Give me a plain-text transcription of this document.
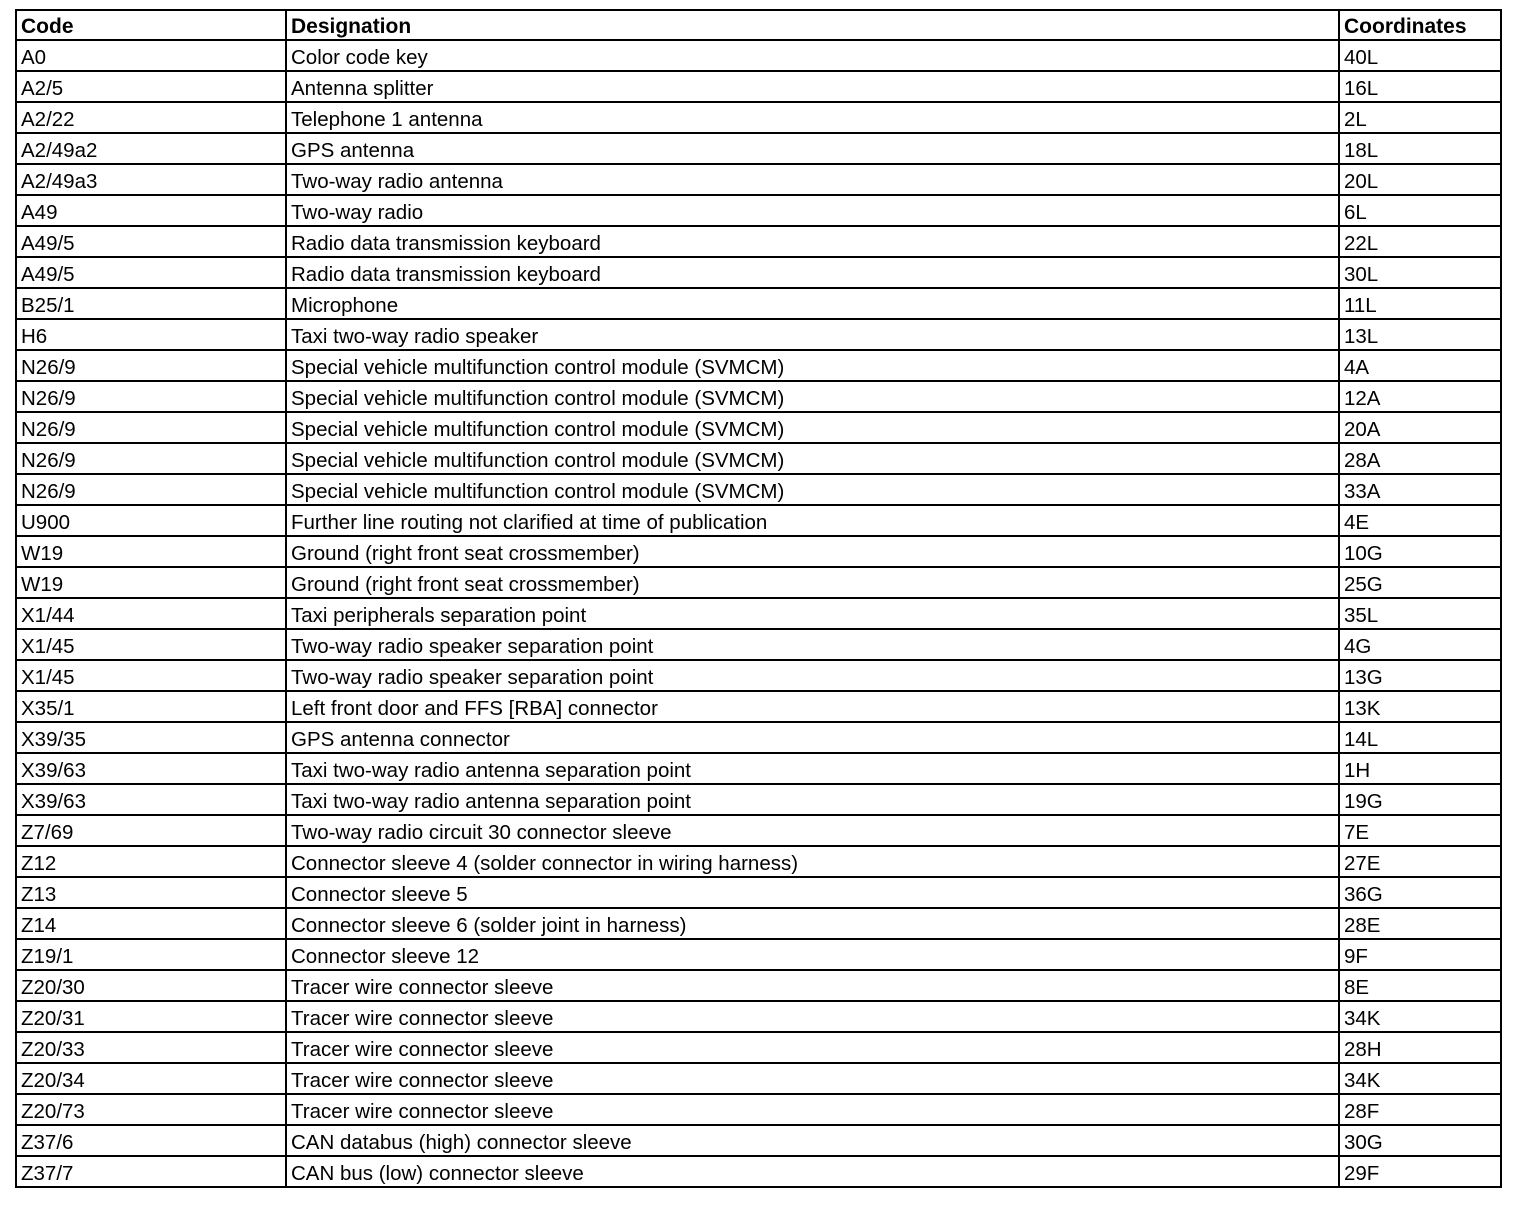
Code	Designation	Coordinates
A0	Color code key	40L
A2/5	Antenna splitter	16L
A2/22	Telephone 1 antenna	2L
A2/49a2	GPS antenna	18L
A2/49a3	Two-way radio antenna	20L
A49	Two-way radio	6L
A49/5	Radio data transmission keyboard	22L
A49/5	Radio data transmission keyboard	30L
B25/1	Microphone	11L
H6	Taxi two-way radio speaker	13L
N26/9	Special vehicle multifunction control module (SVMCM)	4A
N26/9	Special vehicle multifunction control module (SVMCM)	12A
N26/9	Special vehicle multifunction control module (SVMCM)	20A
N26/9	Special vehicle multifunction control module (SVMCM)	28A
N26/9	Special vehicle multifunction control module (SVMCM)	33A
U900	Further line routing not clarified at time of publication	4E
W19	Ground (right front seat crossmember)	10G
W19	Ground (right front seat crossmember)	25G
X1/44	Taxi peripherals separation point	35L
X1/45	Two-way radio speaker separation point	4G
X1/45	Two-way radio speaker separation point	13G
X35/1	Left front door and FFS [RBA] connector	13K
X39/35	GPS antenna connector	14L
X39/63	Taxi two-way radio antenna separation point	1H
X39/63	Taxi two-way radio antenna separation point	19G
Z7/69	Two-way radio circuit 30 connector sleeve	7E
Z12	Connector sleeve 4 (solder connector in wiring harness)	27E
Z13	Connector sleeve 5	36G
Z14	Connector sleeve 6 (solder joint in harness)	28E
Z19/1	Connector sleeve 12	9F
Z20/30	Tracer wire connector sleeve	8E
Z20/31	Tracer wire connector sleeve	34K
Z20/33	Tracer wire connector sleeve	28H
Z20/34	Tracer wire connector sleeve	34K
Z20/73	Tracer wire connector sleeve	28F
Z37/6	CAN databus (high) connector sleeve	30G
Z37/7	CAN bus (low) connector sleeve	29F
